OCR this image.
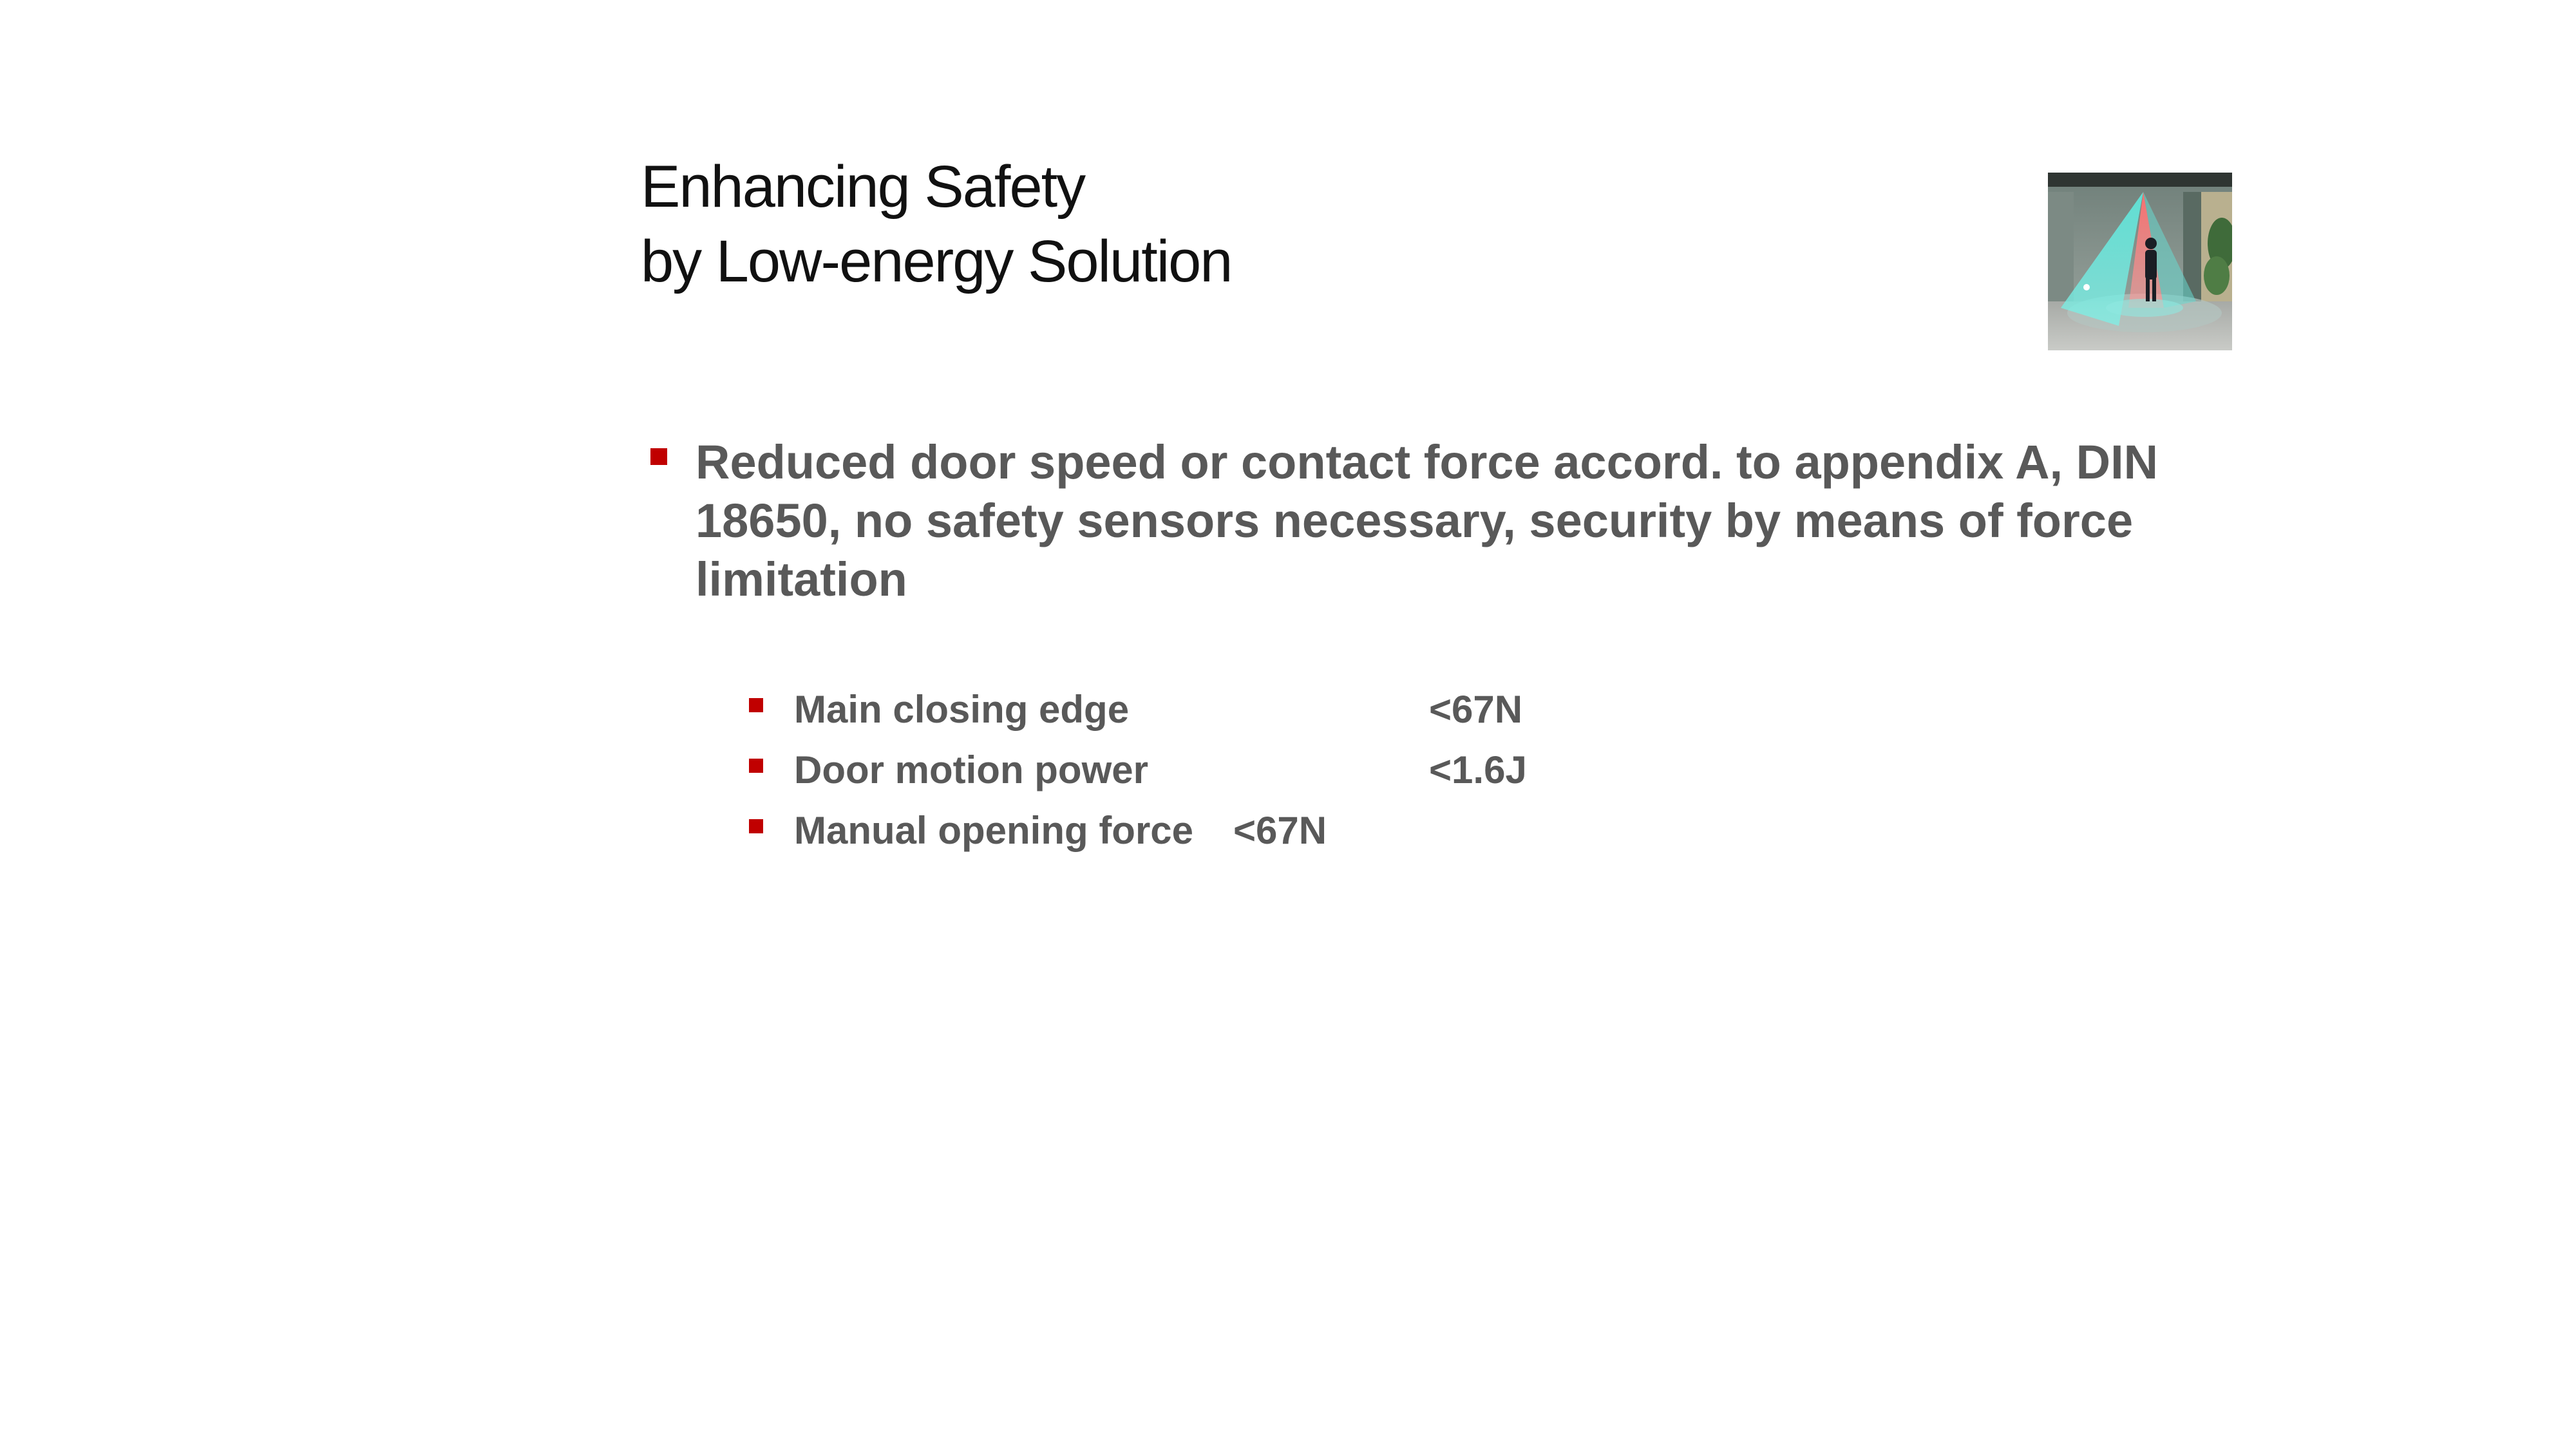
Enhancing Safety
by Low-energy Solution
Reduced door speed or contact force accord. to appendix A, DIN 18650, no safety sensors necessary, security by means of force limitation
Main closing edge	<67N
Door motion power	<1.6J
Manual opening force <67N
